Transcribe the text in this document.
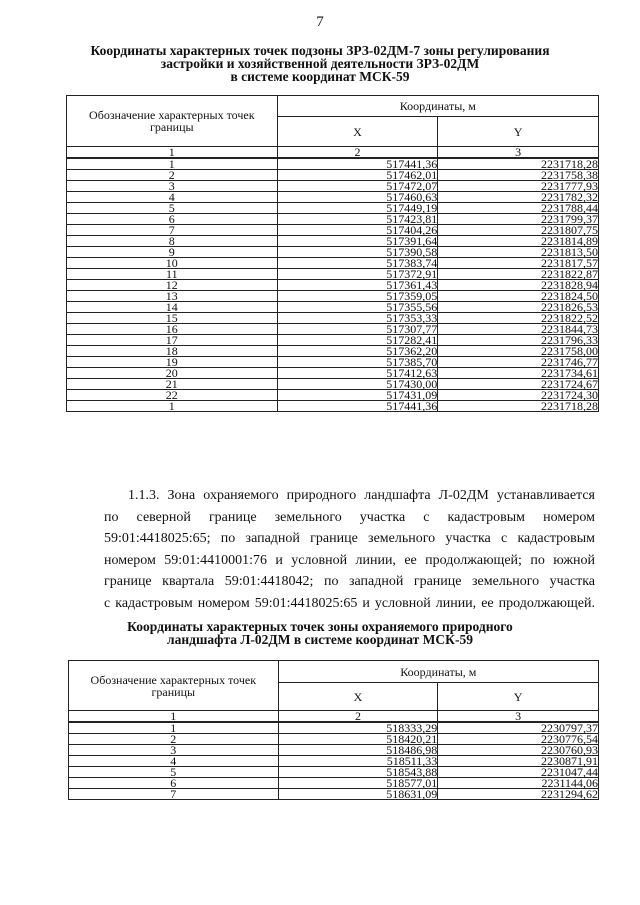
7
Координаты характерных точек подзоны ЗРЗ-02ДМ-7 зоны регулирования
застройки и хозяйственной деятельности ЗРЗ-02ДМ
в системе координат МСК-59
Обозначение характерных точек границы	Координаты, м	
	X	Y
1	2	3
1	517441,36	2231718,28
2	517462,01	2231758,38
3	517472,07	2231777,93
4	517460,63	2231782,32
5	517449,19	2231788,44
6	517423,81	2231799,37
7	517404,26	2231807,75
8	517391,64	2231814,89
9	517390,58	2231813,50
10	517383,74	2231817,57
11	517372,91	2231822,87
12	517361,43	2231828,94
13	517359,05	2231824,50
14	517355,56	2231826,53
15	517353,33	2231822,52
16	517307,77	2231844,73
17	517282,41	2231796,33
18	517362,20	2231758,00
19	517385,70	2231746,77
20	517412,63	2231734,61
21	517430,00	2231724,67
22	517431,09	2231724,30
1	517441,36	2231718,28
1.1.3. Зона охраняемого природного ландшафта Л-02ДМ устанавливается
по северной границе земельного участка с кадастровым номером
59:01:4418025:65; по западной границе земельного участка с кадастровым
номером 59:01:4410001:76 и условной линии, ее продолжающей; по южной
границе квартала 59:01:4418042; по западной границе земельного участка
с кадастровым номером 59:01:4418025:65 и условной линии, ее продолжающей.
Координаты характерных точек зоны охраняемого природного
ландшафта Л-02ДМ в системе координат МСК-59
Обозначение характерных точек границы	Координаты, м	
	X	Y
1	2	3
1	518333,29	2230797,37
2	518420,21	2230776,54
3	518486,98	2230760,93
4	518511,33	2230871,91
5	518543,88	2231047,44
6	518577,01	2231144,06
7	518631,09	2231294,62
